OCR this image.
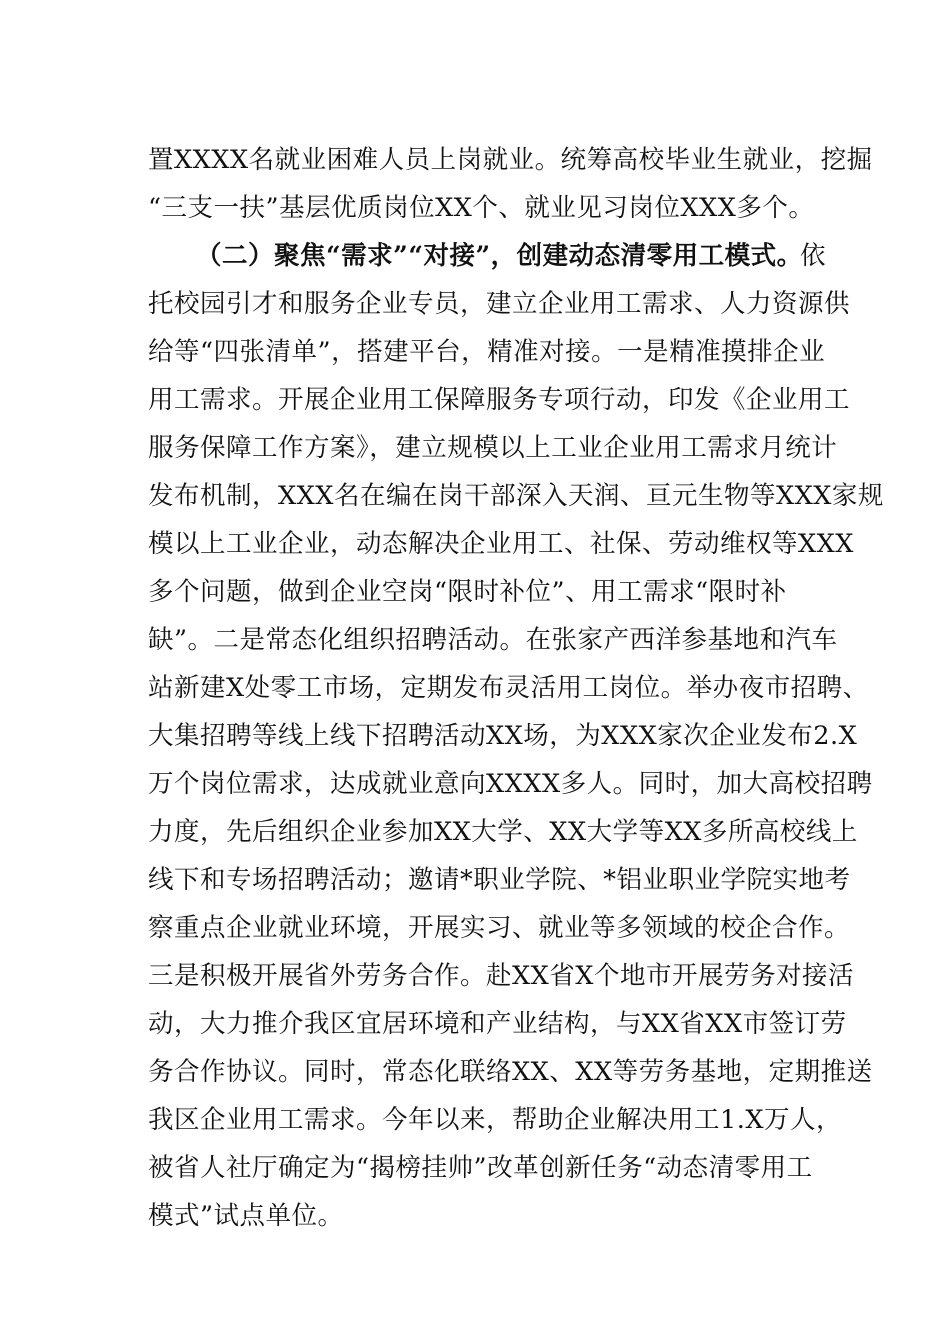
置XXXX名就业困难人员上岗就业。统筹高校毕业生就业，挖掘
“三支一扶”基层优质岗位XX个、就业见习岗位XXX多个。
（二）聚焦“需求”“对接”，创建动态清零用工模式。
依
托校园引才和服务企业专员，建立企业用工需求、人力资源供
给等“四张清单”，搭建平台，精准对接。一是精准摸排企业
用工需求。开展企业用工保障服务专项行动，印发《企业用工
服务保障工作方案》，建立规模以上工业企业用工需求月统计
发布机制，XXX名在编在岗干部深入天润、亘元生物等XXX家规
模以上工业企业，动态解决企业用工、社保、劳动维权等XXX
多个问题，做到企业空岗“限时补位”、用工需求“限时补
缺”。二是常态化组织招聘活动。在张家产西洋参基地和汽车
站新建X处零工市场，定期发布灵活用工岗位。举办夜市招聘、
大集招聘等线上线下招聘活动XX场，为XXX家次企业发布2.X
万个岗位需求，达成就业意向XXXX多人。同时，加大高校招聘
力度，先后组织企业参加XX大学、XX大学等XX多所高校线上
线下和专场招聘活动；邀请*职业学院、*铝业职业学院实地考
察重点企业就业环境，开展实习、就业等多领域的校企合作。
三是积极开展省外劳务合作。赴XX省X个地市开展劳务对接活
动，大力推介我区宜居环境和产业结构，与XX省XX市签订劳
务合作协议。同时，常态化联络XX、XX等劳务基地，定期推送
我区企业用工需求。今年以来，帮助企业解决用工1.X万人，
被省人社厅确定为“揭榜挂帅”改革创新任务“动态清零用工
模式”试点单位。
